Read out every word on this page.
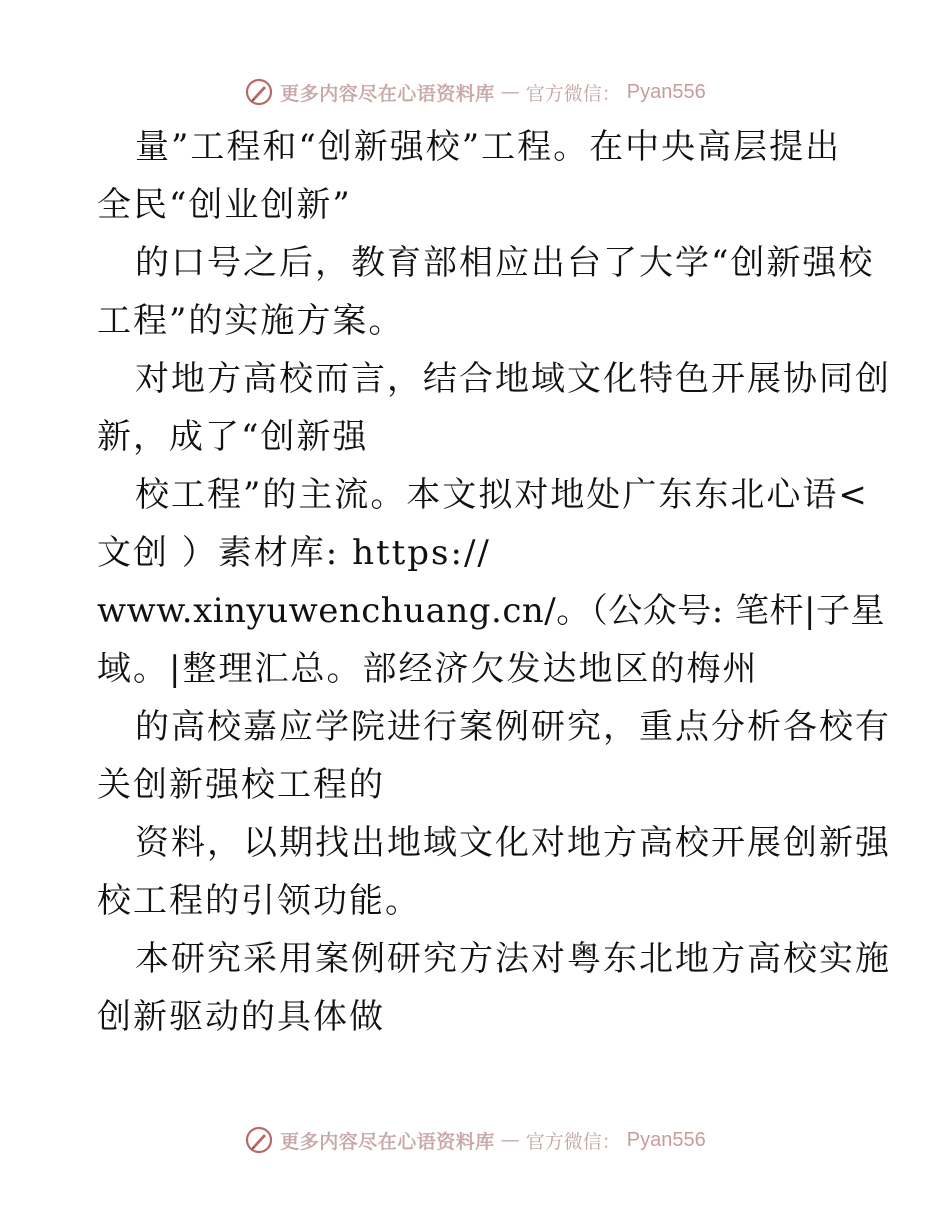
更多内容尽在心语资料库 — 官方微信： Pyan556
量”工程和“创新强校”工程。在中央高层提出
全民“创业创新”
的口号之后，教育部相应出台了大学“创新强校
工程”的实施方案。
对地方高校而言，结合地域文化特色开展协同创
新，成了“创新强
校工程”的主流。本文拟对地处广东东北心语<
文创 ）素材库: https://
www.xinyuwenchuang.cn/。（公众号: 笔杆|子星
域。|整理汇总。部经济欠发达地区的梅州
的高校嘉应学院进行案例研究，重点分析各校有
关创新强校工程的
资料，以期找出地域文化对地方高校开展创新强
校工程的引领功能。
本研究采用案例研究方法对粤东北地方高校实施
创新驱动的具体做
更多内容尽在心语资料库 — 官方微信： Pyan556
